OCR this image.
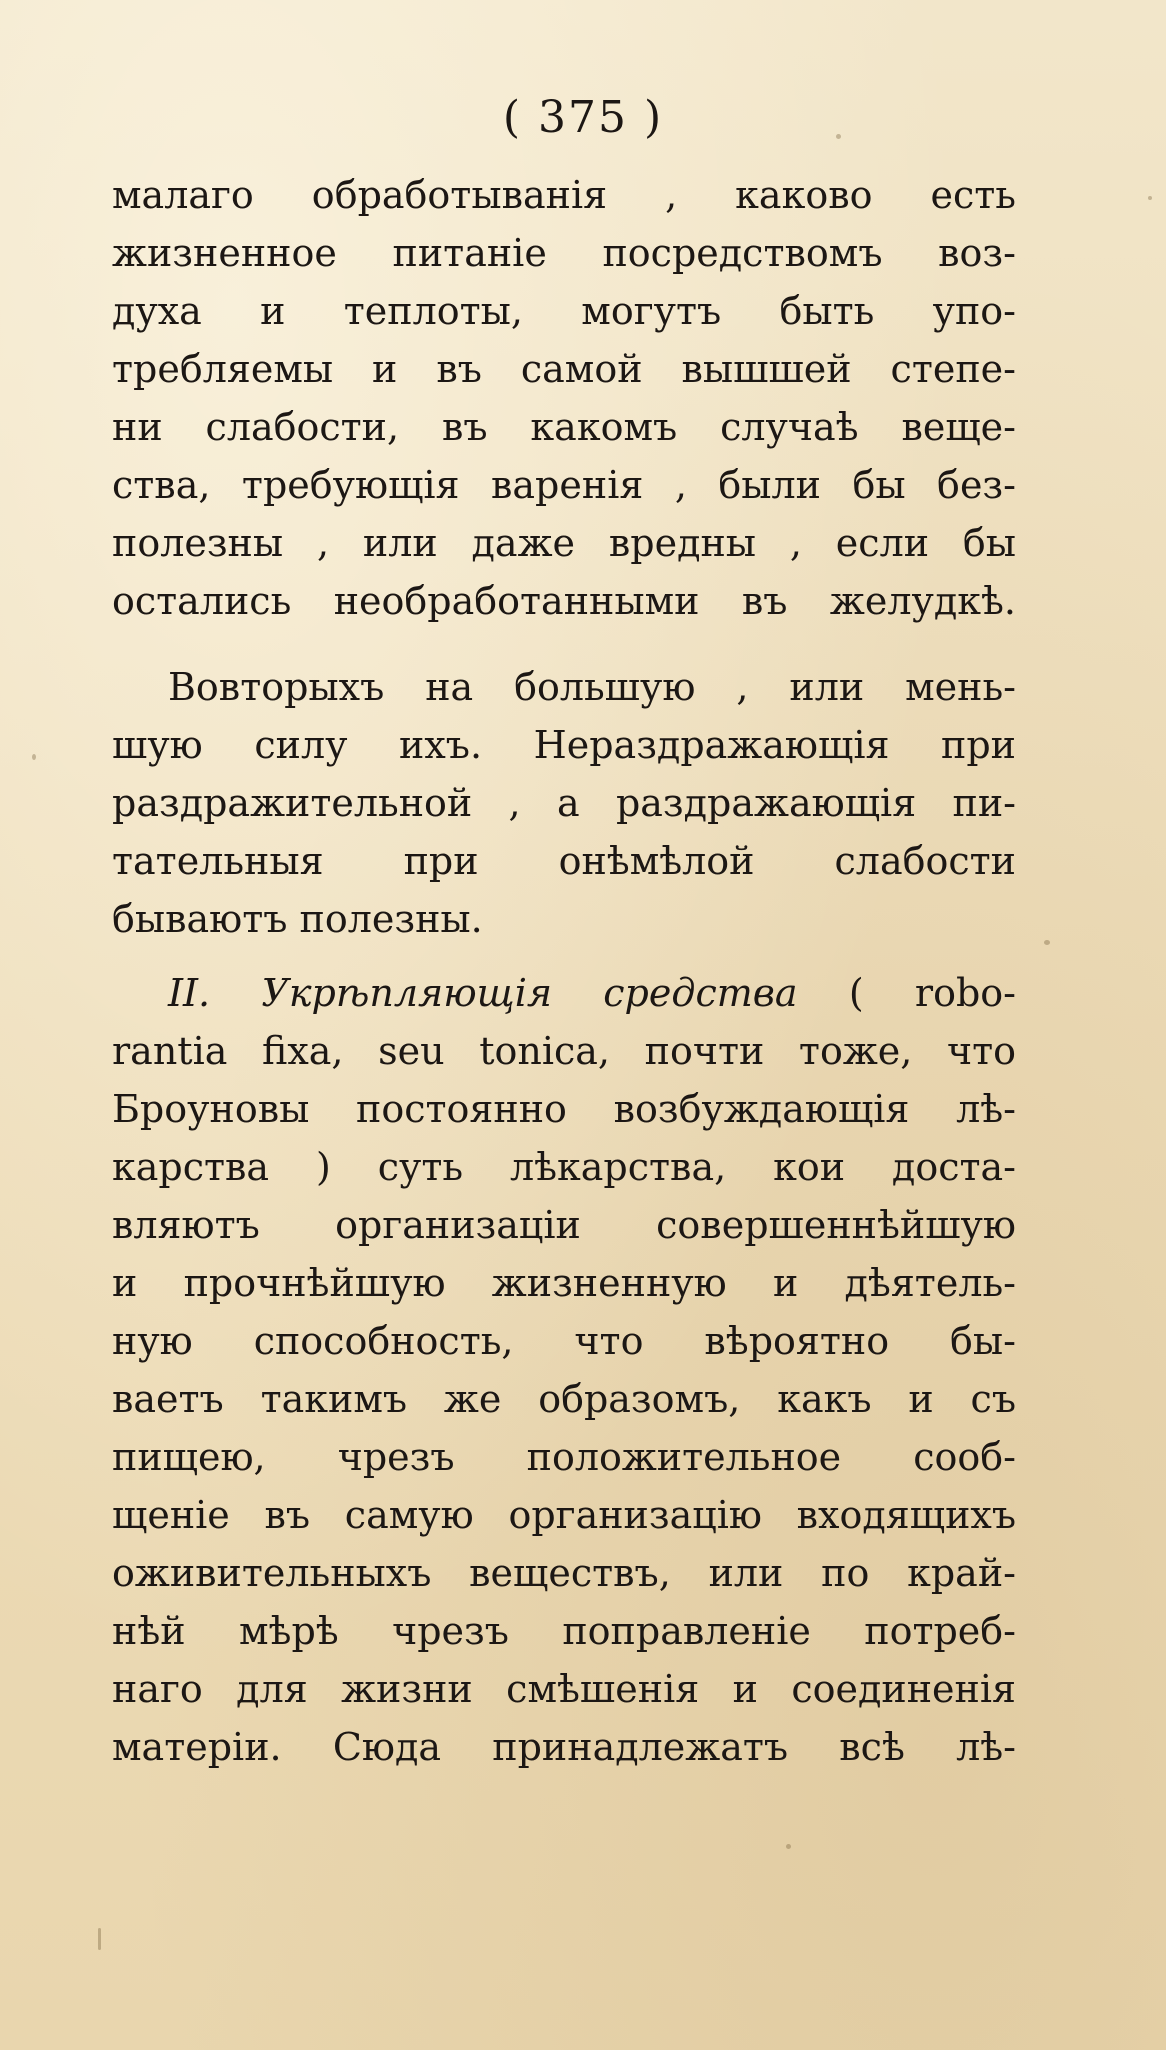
( 375 )
малаго обработыванія , каково есть
жизненное питаніе посредствомъ воз-
духа и теплоты, могутъ быть упо-
требляемы и въ самой вышшей степе-
ни слабости, въ какомъ случаѣ веще-
ства, требующія варенія , были бы без-
полезны , или даже вредны , если бы
остались необработанными въ желудкѣ.
Вовторыхъ на большую , или мень-
шую силу ихъ. Нераздражающія при
раздражительной , а раздражающія пи-
тательныя при онѣмѣлой слабости
бываютъ полезны.
II. Укрѣпляющія средства ( robo-
rantia fixa, seu tonica, почти тоже, что
Броуновы постоянно возбуждающія лѣ-
карства ) суть лѣкарства, кои доста-
вляютъ организаціи совершеннѣйшую
и прочнѣйшую жизненную и дѣятель-
ную способность, что вѣроятно бы-
ваетъ такимъ же образомъ, какъ и съ
пищею, чрезъ положительное сооб-
щеніе въ самую организацію входящихъ
оживительныхъ веществъ, или по край-
нѣй мѣрѣ чрезъ поправленіе потреб-
наго для жизни смѣшенія и соединенія
матеріи. Сюда принадлежатъ всѣ лѣ-
